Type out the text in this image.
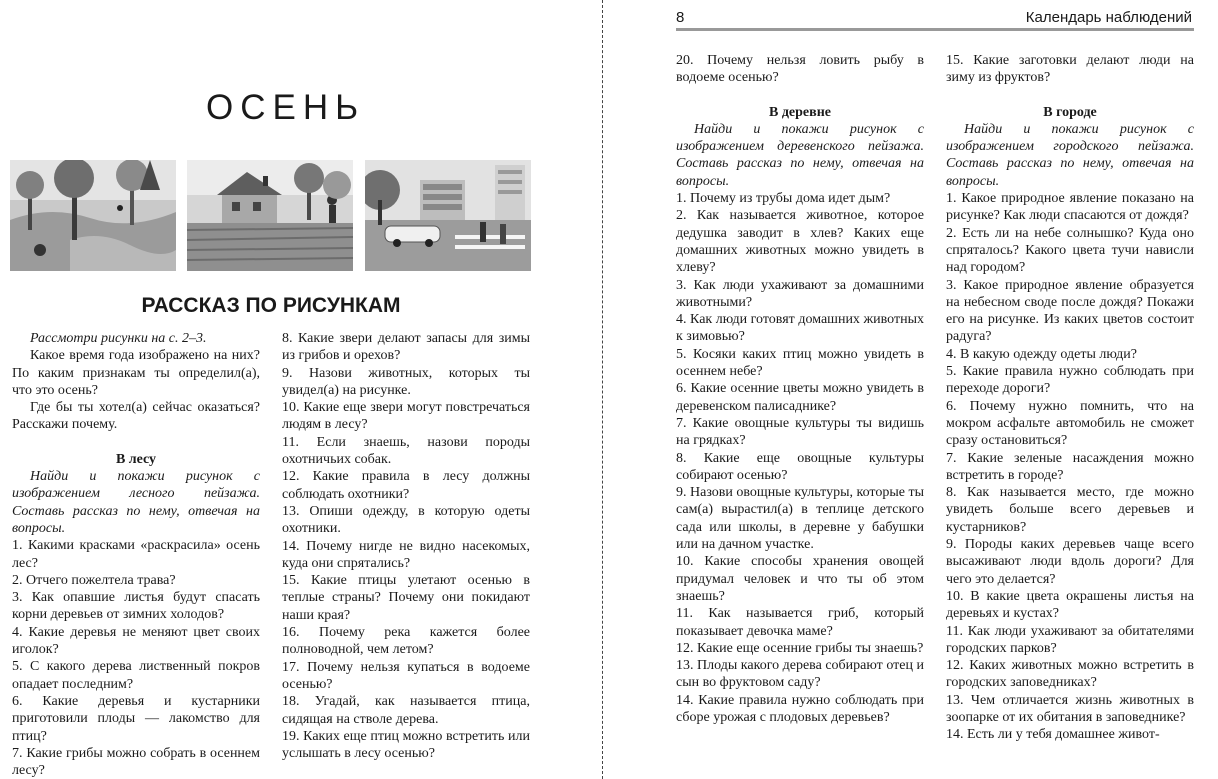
ОСЕНЬ
РАССКАЗ ПО РИСУНКАМ

Рассмотри рисунки на с. 2–3.

Какое время года изображено на них? По каким признакам ты определил(а), что это осень?

Где бы ты хотел(а) сейчас оказаться? Расскажи почему.

В лесу

Найди и покажи рисунок с изображением лесного пейзажа. Составь рассказ по нему, отвечая на вопросы.

1. Какими красками «раскрасила» осень лес?

2. Отчего пожелтела трава?

3. Как опавшие листья будут спасать корни деревьев от зимних холодов?

4. Какие деревья не меняют цвет своих иголок?

5. С какого дерева лиственный покров опадает последним?

6. Какие деревья и кустарники приготовили плоды — лакомство для птиц?

7. Какие грибы можно собрать в осеннем лесу?

8. Какие звери делают запасы для зимы из грибов и орехов?

9. Назови животных, которых ты увидел(а) на рисунке.

10. Какие еще звери могут повстречаться людям в лесу?

11. Если знаешь, назови породы охотничьих собак.

12. Какие правила в лесу должны соблюдать охотники?

13. Опиши одежду, в которую одеты охотники.

14. Почему нигде не видно насекомых, куда они спрятались?

15. Какие птицы улетают осенью в теплые страны? Почему они покидают наши края?

16. Почему река кажется более полноводной, чем летом?

17. Почему нельзя купаться в водоеме осенью?

18. Угадай, как называется птица, сидящая на стволе дерева.

19. Каких еще птиц можно встретить или услышать в лесу осенью?

8	Календарь наблюдений

20. Почему нельзя ловить рыбу в водоеме осенью?

В деревне

Найди и покажи рисунок с изображением деревенского пейзажа. Составь рассказ по нему, отвечая на вопросы.

1. Почему из трубы дома идет дым?

2. Как называется животное, которое дедушка заводит в хлев? Каких еще домашних животных можно увидеть в хлеву?

3. Как люди ухаживают за домашними животными?

4. Как люди готовят домашних животных к зимовью?

5. Косяки каких птиц можно увидеть в осеннем небе?

6. Какие осенние цветы можно увидеть в деревенском палисаднике?

7. Какие овощные культуры ты видишь на грядках?

8. Какие еще овощные культуры собирают осенью?

9. Назови овощные культуры, которые ты сам(а) вырастил(а) в теплице детского сада или школы, в деревне у бабушки или на дачном участке.

10. Какие способы хранения овощей придумал человек и что ты об этом знаешь?

11. Как называется гриб, который показывает девочка маме?

12. Какие еще осенние грибы ты знаешь?

13. Плоды какого дерева собирают отец и сын во фруктовом саду?

14. Какие правила нужно соблюдать при сборе урожая с плодовых деревьев?

15. Какие заготовки делают люди на зиму из фруктов?

В городе

Найди и покажи рисунок с изображением городского пейзажа. Составь рассказ по нему, отвечая на вопросы.

1. Какое природное явление показано на рисунке? Как люди спасаются от дождя?

2. Есть ли на небе солнышко? Куда оно спряталось? Какого цвета тучи нависли над городом?

3. Какое природное явление образуется на небесном своде после дождя? Покажи его на рисунке. Из каких цветов состоит радуга?

4. В какую одежду одеты люди?

5. Какие правила нужно соблюдать при переходе дороги?

6. Почему нужно помнить, что на мокром асфальте автомобиль не сможет сразу остановиться?

7. Какие зеленые насаждения можно встретить в городе?

8. Как называется место, где можно увидеть больше всего деревьев и кустарников?

9. Породы каких деревьев чаще всего высаживают люди вдоль дороги? Для чего это делается?

10. В какие цвета окрашены листья на деревьях и кустах?

11. Как люди ухаживают за обитателями городских парков?

12. Каких животных можно встретить в городских заповедниках?

13. Чем отличается жизнь животных в зоопарке от их обитания в заповеднике?

14. Есть ли у тебя домашнее живот-
